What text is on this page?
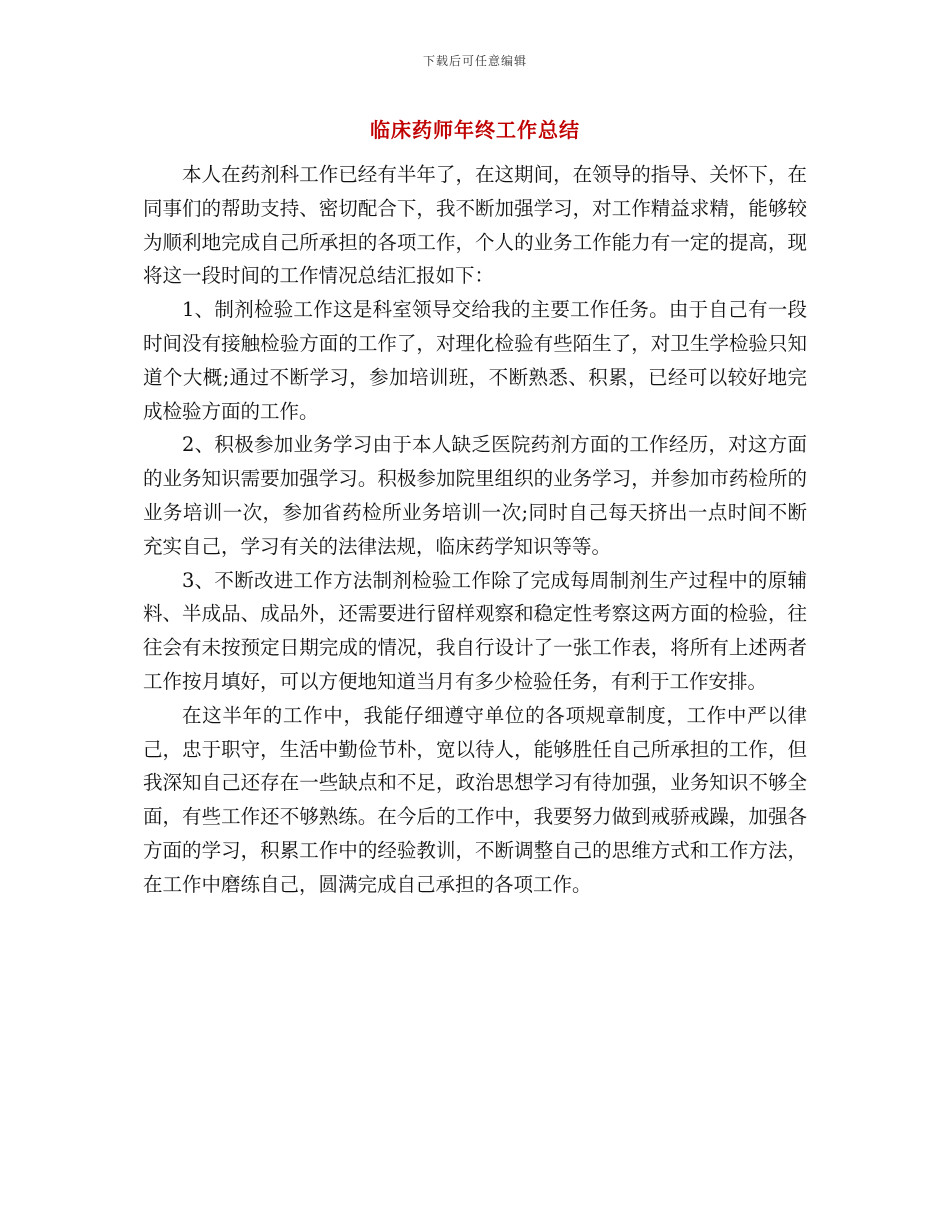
下载后可任意编辑
临床药师年终工作总结

本人在药剂科工作已经有半年了，在这期间，在领导的指导、关怀下，在同事们的帮助支持、密切配合下，我不断加强学习，对工作精益求精，能够较为顺利地完成自己所承担的各项工作，个人的业务工作能力有一定的提高，现将这一段时间的工作情况总结汇报如下：

1、制剂检验工作这是科室领导交给我的主要工作任务。由于自己有一段时间没有接触检验方面的工作了，对理化检验有些陌生了，对卫生学检验只知道个大概;通过不断学习，参加培训班，不断熟悉、积累，已经可以较好地完成检验方面的工作。

2、积极参加业务学习由于本人缺乏医院药剂方面的工作经历，对这方面的业务知识需要加强学习。积极参加院里组织的业务学习，并参加市药检所的业务培训一次，参加省药检所业务培训一次;同时自己每天挤出一点时间不断充实自己，学习有关的法律法规，临床药学知识等等。

3、不断改进工作方法制剂检验工作除了完成每周制剂生产过程中的原辅料、半成品、成品外，还需要进行留样观察和稳定性考察这两方面的检验，往往会有未按预定日期完成的情况，我自行设计了一张工作表，将所有上述两者工作按月填好，可以方便地知道当月有多少检验任务，有利于工作安排。

在这半年的工作中，我能仔细遵守单位的各项规章制度，工作中严以律己，忠于职守，生活中勤俭节朴，宽以待人，能够胜任自己所承担的工作，但我深知自己还存在一些缺点和不足，政治思想学习有待加强，业务知识不够全面，有些工作还不够熟练。在今后的工作中，我要努力做到戒骄戒躁，加强各方面的学习，积累工作中的经验教训，不断调整自己的思维方式和工作方法，在工作中磨练自己，圆满完成自己承担的各项工作。
